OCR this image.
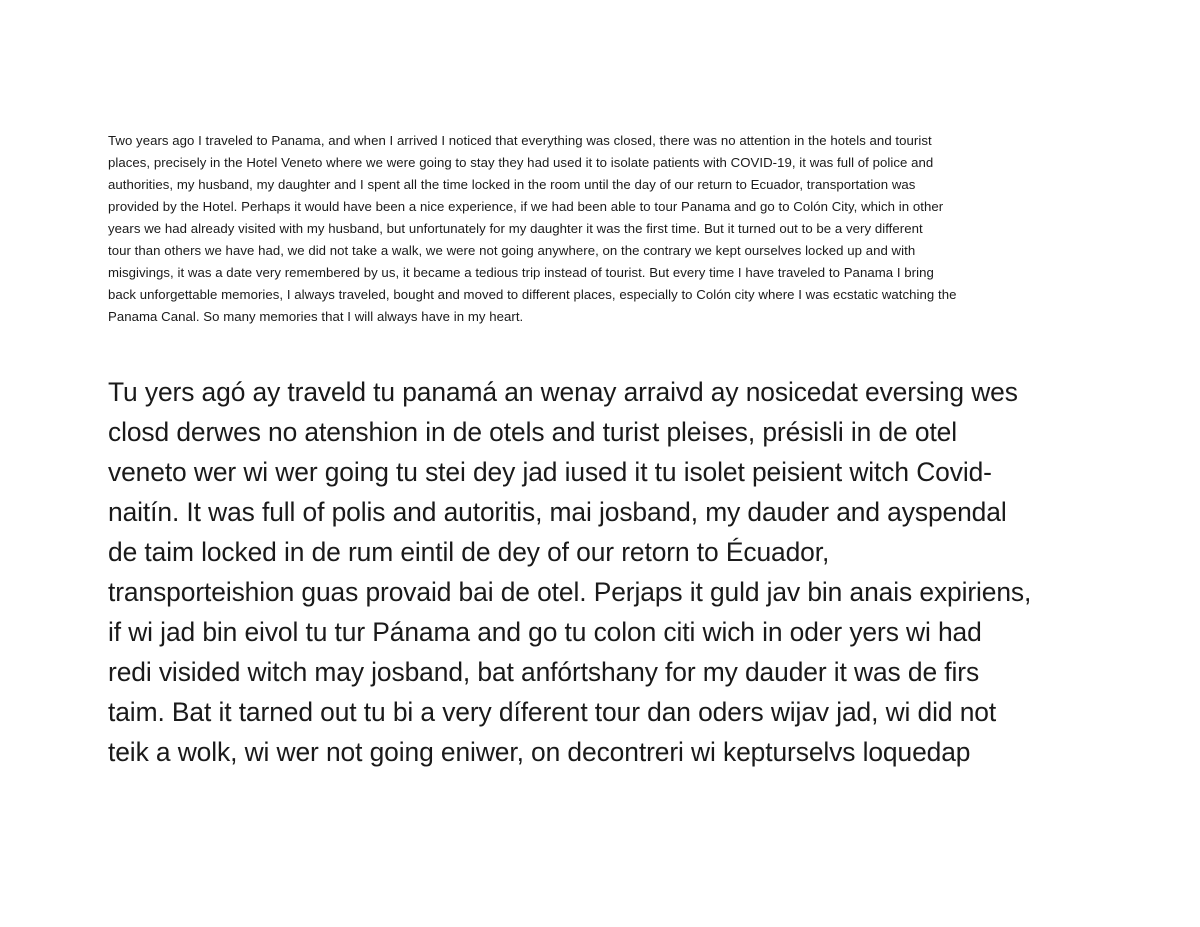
Two years ago I traveled to Panama, and when I arrived I noticed that everything was closed, there was no attention in the hotels and tourist
places, precisely in the Hotel Veneto where we were going to stay they had used it to isolate patients with COVID-19, it was full of police and
authorities, my husband, my daughter and I spent all the time locked in the room until the day of our return to Ecuador, transportation was
provided by the Hotel. Perhaps it would have been a nice experience, if we had been able to tour Panama and go to Colón City, which in other
years we had already visited with my husband, but unfortunately for my daughter it was the first time. But it turned out to be a very different
tour than others we have had, we did not take a walk, we were not going anywhere, on the contrary we kept ourselves locked up and with
misgivings, it was a date very remembered by us, it became a tedious trip instead of tourist. But every time I have traveled to Panama I bring
back unforgettable memories, I always traveled, bought and moved to different places, especially to Colón city where I was ecstatic watching the
Panama Canal. So many memories that I will always have in my heart.

Tu yers agó ay traveld tu panamá an wenay arraivd ay nosicedat eversing wes
closd derwes no atenshion in de otels and turist pleises, présisli in de otel
veneto wer wi wer going tu stei dey jad iused it tu isolet peisient witch Covid-
naitín. It was full of polis and autoritis, mai josband, my dauder and ayspendal
de taim locked in de rum eintil de dey of our retorn to Écuador,
transporteishion guas provaid bai de otel. Perjaps it guld jav bin anais expiriens,
if wi jad bin eivol tu tur Pánama and go tu colon citi wich in oder yers wi had
redi visided witch may josband, bat anfórtshany for my dauder it was de firs
taim. Bat it tarned out tu bi a very díferent tour dan oders wijav jad, wi did not
teik a wolk, wi wer not going eniwer, on decontreri wi kepturselvs loquedap
